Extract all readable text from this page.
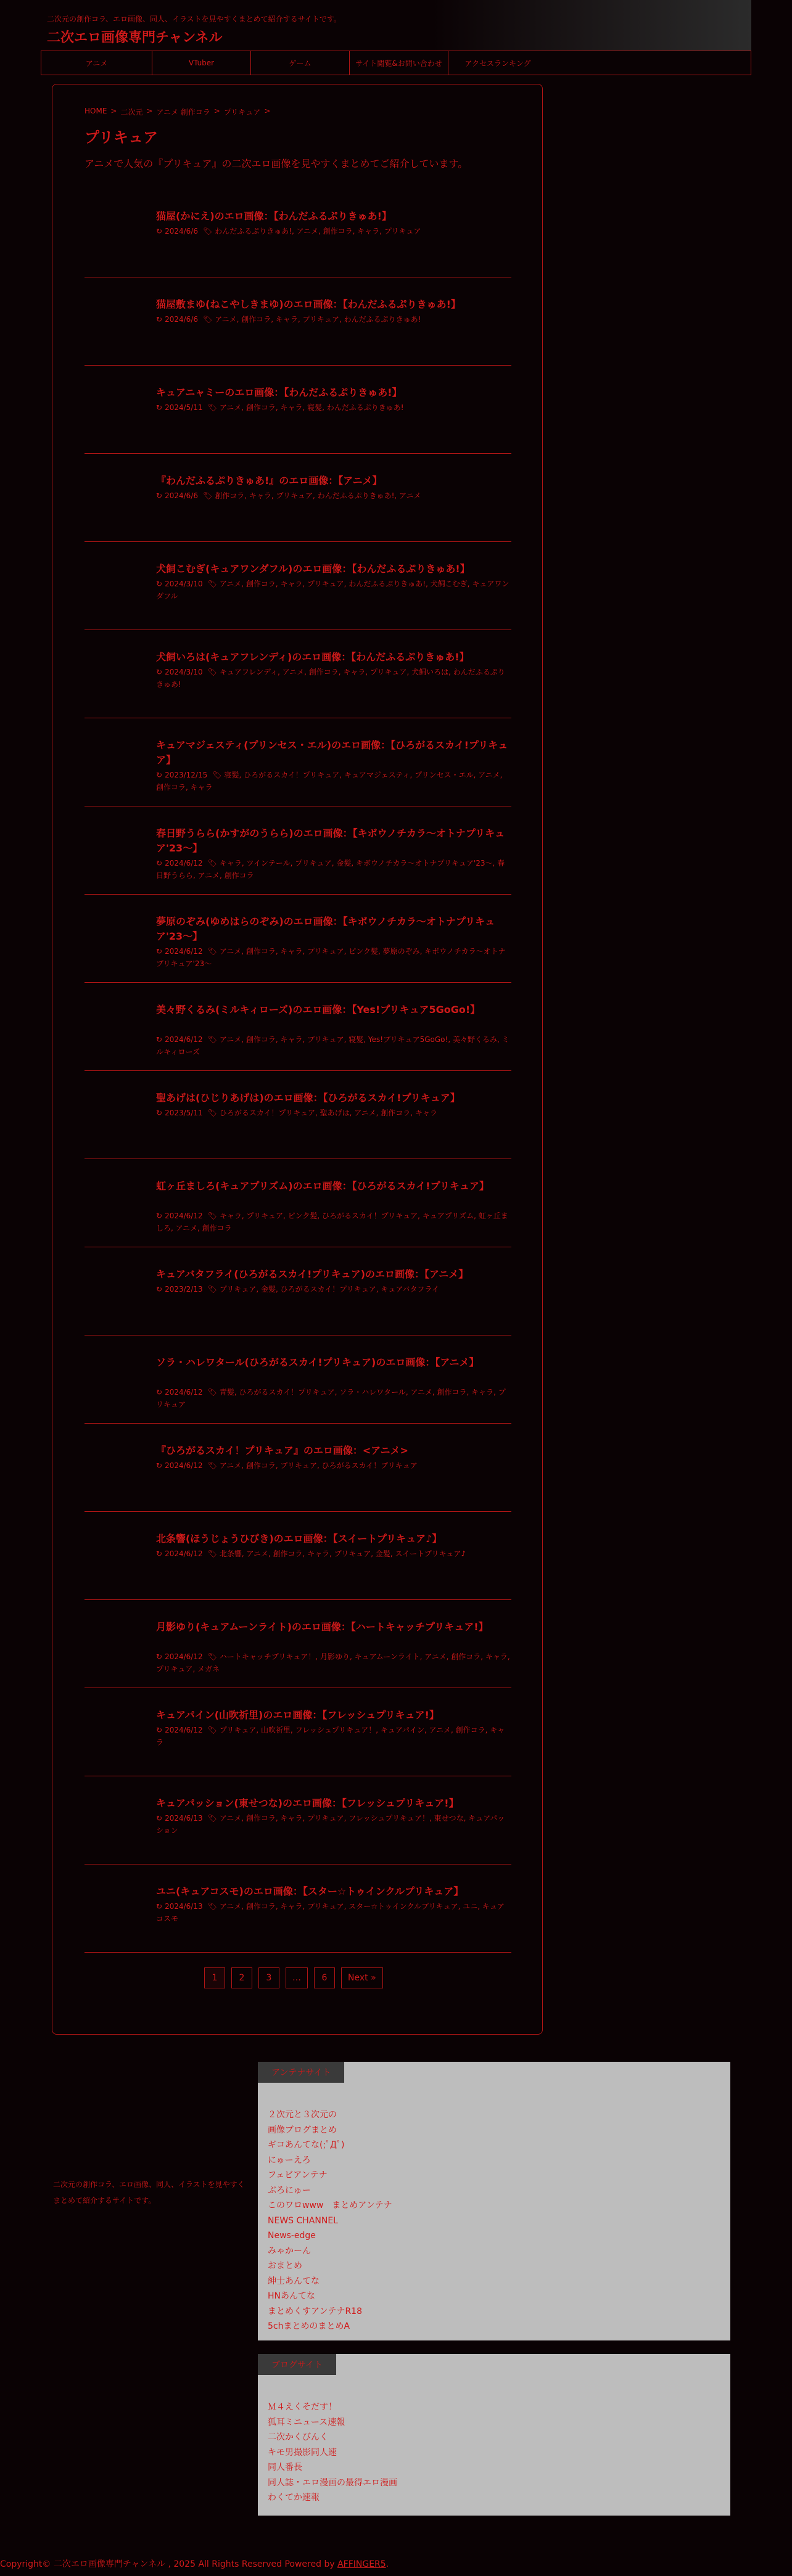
二次元の創作コラ、エロ画像、同人、イラストを見やすくまとめて紹介するサイトです。
二次エロ画像専門チャンネル
アニメ	VTuber	ゲーム	サイト閲覧&お問い合わせ	アクセスランキング
HOME > 二次元 > アニメ 創作コラ > プリキュア >
プリキュア

アニメで人気の『プリキュア』の二次エロ画像を見やすくまとめてご紹介しています。

猫屋(かにえ)のエロ画像：【わんだふるぷりきゅあ!】
↻ 2024/6/6 🏷 わんだふるぷりきゅあ!, アニメ, 創作コラ, キャラ, プリキュア
猫屋敷まゆ(ねこやしきまゆ)のエロ画像：【わんだふるぷりきゅあ!】
↻ 2024/6/6 🏷 アニメ, 創作コラ, キャラ, プリキュア, わんだふるぷりきゅあ!
キュアニャミーのエロ画像：【わんだふるぷりきゅあ!】
↻ 2024/5/11 🏷 アニメ, 創作コラ, キャラ, 寝髪, わんだふるぷりきゅあ!
『わんだふるぷりきゅあ!』のエロ画像：【アニメ】
↻ 2024/6/6 🏷 創作コラ, キャラ, プリキュア, わんだふるぷりきゅあ!, アニメ
犬飼こむぎ(キュアワンダフル)のエロ画像：【わんだふるぷりきゅあ!】
↻ 2024/3/10 🏷 アニメ, 創作コラ, キャラ, プリキュア, わんだふるぷりきゅあ!, 犬飼こむぎ, キュアワンダフル
犬飼いろは(キュアフレンディ)のエロ画像：【わんだふるぷりきゅあ!】
↻ 2024/3/10 🏷 キュアフレンディ, アニメ, 創作コラ, キャラ, プリキュア, 犬飼いろは, わんだふるぷりきゅあ!
キュアマジェスティ(プリンセス・エル)のエロ画像：【ひろがるスカイ!プリキュア】
↻ 2023/12/15 🏷 寝髪, ひろがるスカイ！プリキュア, キュアマジェスティ, プリンセス・エル, アニメ, 創作コラ, キャラ
春日野うらら(かすがのうらら)のエロ画像：【キボウノチカラ〜オトナプリキュア'23〜】
↻ 2024/6/12 🏷 キャラ, ツインテール, プリキュア, 金髪, キボウノチカラ〜オトナプリキュア'23〜, 春日野うらら, アニメ, 創作コラ
夢原のぞみ(ゆめはらのぞみ)のエロ画像：【キボウノチカラ〜オトナプリキュア'23〜】
↻ 2024/6/12 🏷 アニメ, 創作コラ, キャラ, プリキュア, ピンク髪, 夢原のぞみ, キボウノチカラ〜オトナプリキュア'23〜
美々野くるみ(ミルキィローズ)のエロ画像：【Yes!プリキュア5GoGo!】
↻ 2024/6/12 🏷 アニメ, 創作コラ, キャラ, プリキュア, 寝髪, Yes!プリキュア5GoGo!, 美々野くるみ, ミルキィローズ
聖あげは(ひじりあげは)のエロ画像：【ひろがるスカイ!プリキュア】
↻ 2023/5/11 🏷 ひろがるスカイ！プリキュア, 聖あげは, アニメ, 創作コラ, キャラ
虹ヶ丘ましろ(キュアプリズム)のエロ画像：【ひろがるスカイ!プリキュア】
↻ 2024/6/12 🏷 キャラ, プリキュア, ピンク髪, ひろがるスカイ！プリキュア, キュアプリズム, 虹ヶ丘ましろ, アニメ, 創作コラ
キュアバタフライ(ひろがるスカイ!プリキュア)のエロ画像：【アニメ】
↻ 2023/2/13 🏷 プリキュア, 金髪, ひろがるスカイ！プリキュア, キュアバタフライ
ソラ・ハレワタール(ひろがるスカイ!プリキュア)のエロ画像：【アニメ】
↻ 2024/6/12 🏷 青髪, ひろがるスカイ！プリキュア, ソラ・ハレワタール, アニメ, 創作コラ, キャラ, プリキュア
『ひろがるスカイ！プリキュア』のエロ画像：<アニメ>
↻ 2024/6/12 🏷 アニメ, 創作コラ, プリキュア, ひろがるスカイ！プリキュア
北条響(ほうじょうひびき)のエロ画像：【スイートプリキュア♪】
↻ 2024/6/12 🏷 北条響, アニメ, 創作コラ, キャラ, プリキュア, 金髪, スイートプリキュア♪
月影ゆり(キュアムーンライト)のエロ画像：【ハートキャッチプリキュア!】
↻ 2024/6/12 🏷 ハートキャッチプリキュア！, 月影ゆり, キュアムーンライト, アニメ, 創作コラ, キャラ, プリキュア, メガネ
キュアパイン(山吹祈里)のエロ画像：【フレッシュプリキュア!】
↻ 2024/6/12 🏷 プリキュア, 山吹祈里, フレッシュプリキュア！, キュアパイン, アニメ, 創作コラ, キャラ
キュアパッション(東せつな)のエロ画像：【フレッシュプリキュア!】
↻ 2024/6/13 🏷 アニメ, 創作コラ, キャラ, プリキュア, フレッシュプリキュア！, 東せつな, キュアパッション
ユニ(キュアコスモ)のエロ画像：【スター☆トゥインクルプリキュア】
↻ 2024/6/13 🏷 アニメ, 創作コラ, キャラ, プリキュア, スター☆トゥインクルプリキュア, ユニ, キュアコスモ
1	2	3	…	6	Next »

二次元の創作コラ、エロ画像、同人、イラストを見やすくまとめて紹介するサイトです。

アンテナサイト
２次元と３次元の
画像ブログまとめ
ギコあんてな(;ﾟДﾟ)
にゅーえろ
フェビアンテナ
ぶろにゅー
このワロwww　まとめアンテナ
NEWS CHANNEL
News-edge
みゃかーん
おまとめ
紳士あんてな
HNあんてな
まとめくすアンテナR18
5chまとめのまとめA
ブログサイト
Ｍ４えくそだす！
狐耳ミニュース速報
二次かくびんく
キモ男撮影同人速
同人番長
同人誌・エロ漫画の最得エロ漫画
わくてか速報

Copyright© 二次エロ画像専門チャンネル , 2025 All Rights Reserved Powered by AFFINGER5.
